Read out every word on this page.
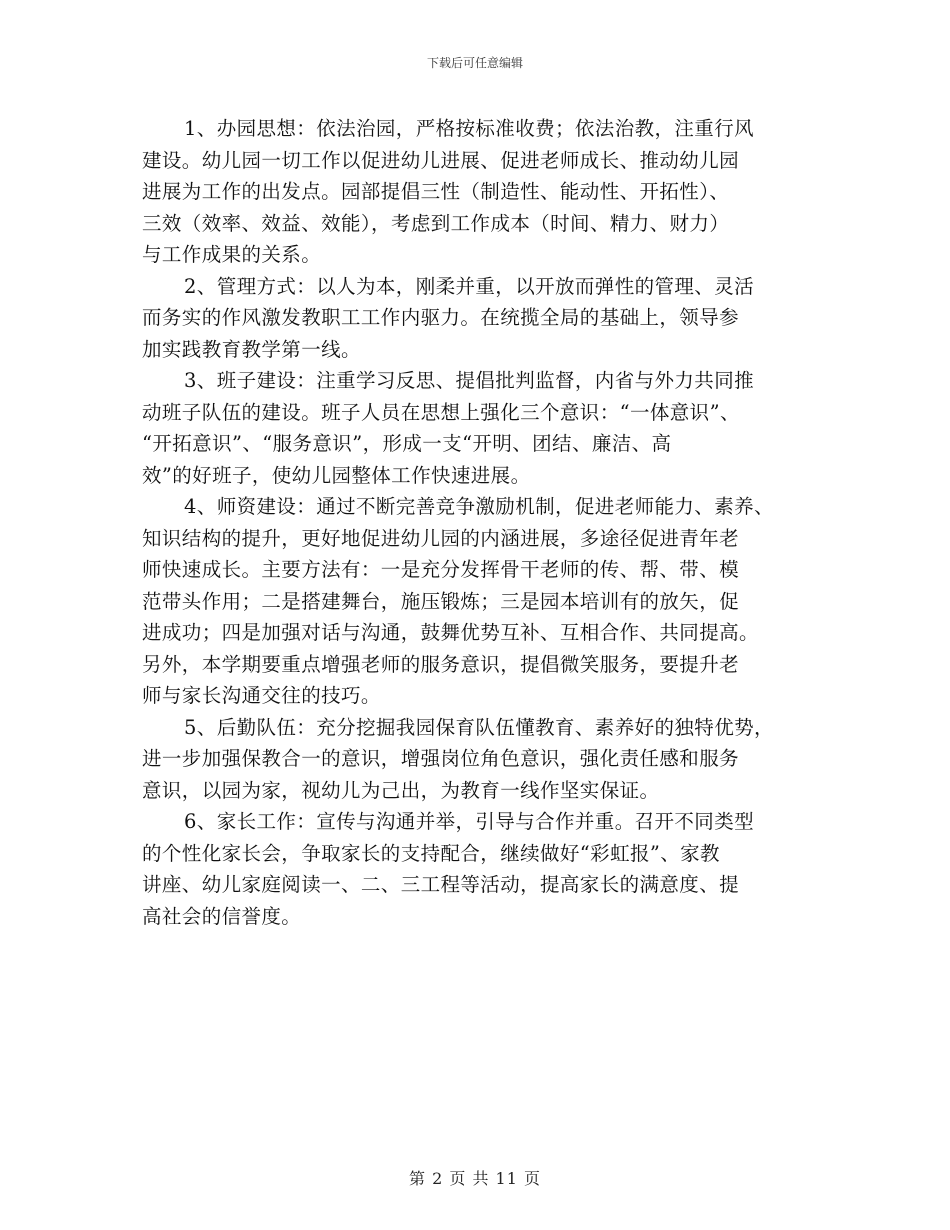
下载后可任意编辑
1、办园思想：依法治园，严格按标准收费；依法治教，注重行风
建设。幼儿园一切工作以促进幼儿进展、促进老师成长、推动幼儿园
进展为工作的出发点。园部提倡三性（制造性、能动性、开拓性）、
三效（效率、效益、效能），考虑到工作成本（时间、精力、财力）
与工作成果的关系。
2、管理方式：以人为本，刚柔并重，以开放而弹性的管理、灵活
而务实的作风激发教职工工作内驱力。在统揽全局的基础上，领导参
加实践教育教学第一线。
3、班子建设：注重学习反思、提倡批判监督，内省与外力共同推
动班子队伍的建设。班子人员在思想上强化三个意识：“一体意识”、
“开拓意识”、“服务意识”，形成一支“开明、团结、廉洁、高
效”的好班子，使幼儿园整体工作快速进展。
4、师资建设：通过不断完善竞争激励机制，促进老师能力、素养、
知识结构的提升，更好地促进幼儿园的内涵进展，多途径促进青年老
师快速成长。主要方法有：一是充分发挥骨干老师的传、帮、带、模
范带头作用；二是搭建舞台，施压锻炼；三是园本培训有的放矢，促
进成功；四是加强对话与沟通，鼓舞优势互补、互相合作、共同提高。
另外，本学期要重点增强老师的服务意识，提倡微笑服务，要提升老
师与家长沟通交往的技巧。
5、后勤队伍：充分挖掘我园保育队伍懂教育、素养好的独特优势，
进一步加强保教合一的意识，增强岗位角色意识，强化责任感和服务
意识，以园为家，视幼儿为己出，为教育一线作坚实保证。
6、家长工作：宣传与沟通并举，引导与合作并重。召开不同类型
的个性化家长会，争取家长的支持配合，继续做好“彩虹报”、家教
讲座、幼儿家庭阅读一、二、三工程等活动，提高家长的满意度、提
高社会的信誉度。
第 2 页 共 11 页
